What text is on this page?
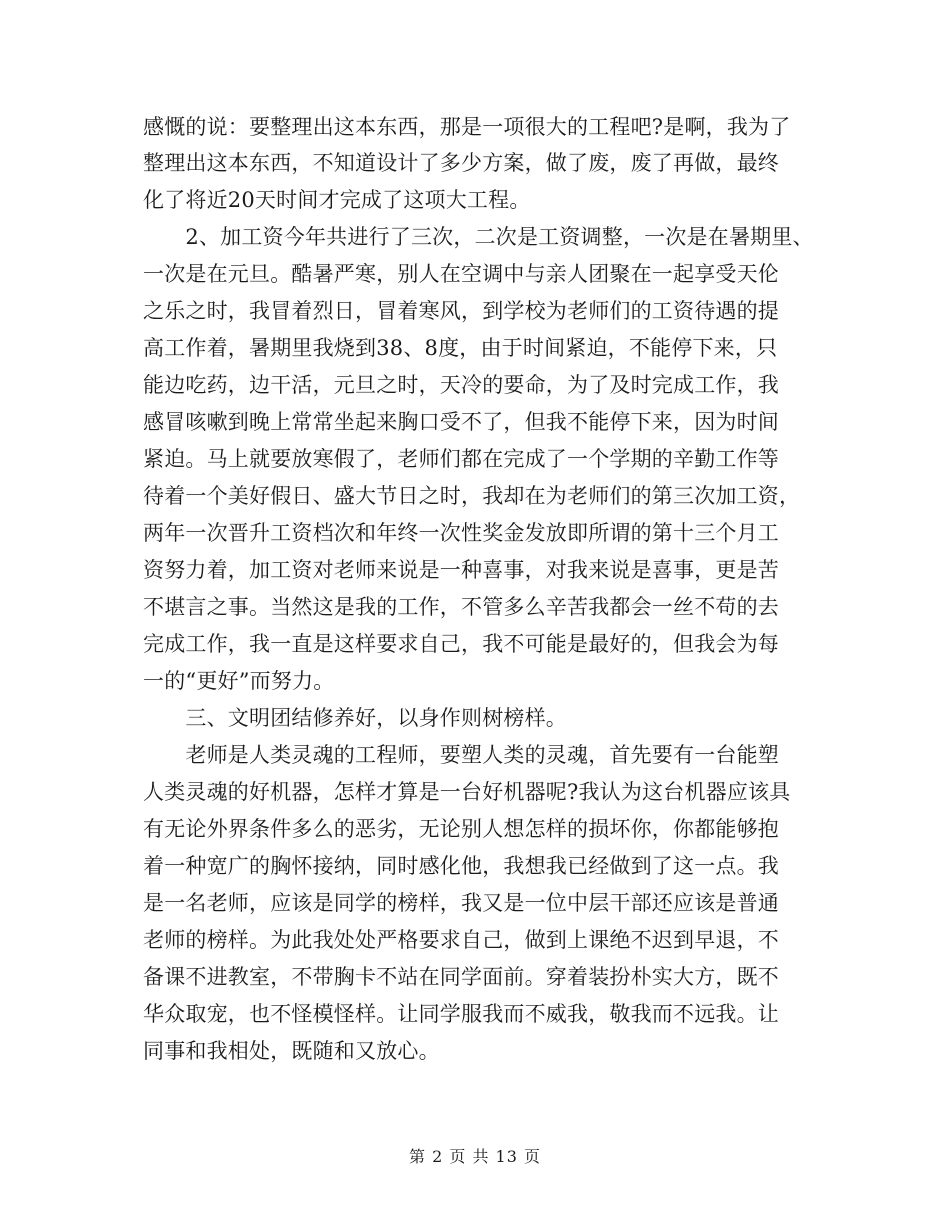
感慨的说：要整理出这本东西，那是一项很大的工程吧?是啊，我为了
整理出这本东西，不知道设计了多少方案，做了废，废了再做，最终
化了将近20天时间才完成了这项大工程。
　　2、加工资今年共进行了三次，二次是工资调整，一次是在暑期里、
一次是在元旦。酷暑严寒，别人在空调中与亲人团聚在一起享受天伦
之乐之时，我冒着烈日，冒着寒风，到学校为老师们的工资待遇的提
高工作着，暑期里我烧到38、8度，由于时间紧迫，不能停下来，只
能边吃药，边干活，元旦之时，天冷的要命，为了及时完成工作，我
感冒咳嗽到晚上常常坐起来胸口受不了，但我不能停下来，因为时间
紧迫。马上就要放寒假了，老师们都在完成了一个学期的辛勤工作等
待着一个美好假日、盛大节日之时，我却在为老师们的第三次加工资，
两年一次晋升工资档次和年终一次性奖金发放即所谓的第十三个月工
资努力着，加工资对老师来说是一种喜事，对我来说是喜事，更是苦
不堪言之事。当然这是我的工作，不管多么辛苦我都会一丝不苟的去
完成工作，我一直是这样要求自己，我不可能是最好的，但我会为每
一的“更好”而努力。
　　三、文明团结修养好，以身作则树榜样。
　　老师是人类灵魂的工程师，要塑人类的灵魂，首先要有一台能塑
人类灵魂的好机器，怎样才算是一台好机器呢?我认为这台机器应该具
有无论外界条件多么的恶劣，无论别人想怎样的损坏你，你都能够抱
着一种宽广的胸怀接纳，同时感化他，我想我已经做到了这一点。我
是一名老师，应该是同学的榜样，我又是一位中层干部还应该是普通
老师的榜样。为此我处处严格要求自己，做到上课绝不迟到早退，不
备课不进教室，不带胸卡不站在同学面前。穿着装扮朴实大方，既不
华众取宠，也不怪模怪样。让同学服我而不威我，敬我而不远我。让
同事和我相处，既随和又放心。
第 2 页 共 13 页
